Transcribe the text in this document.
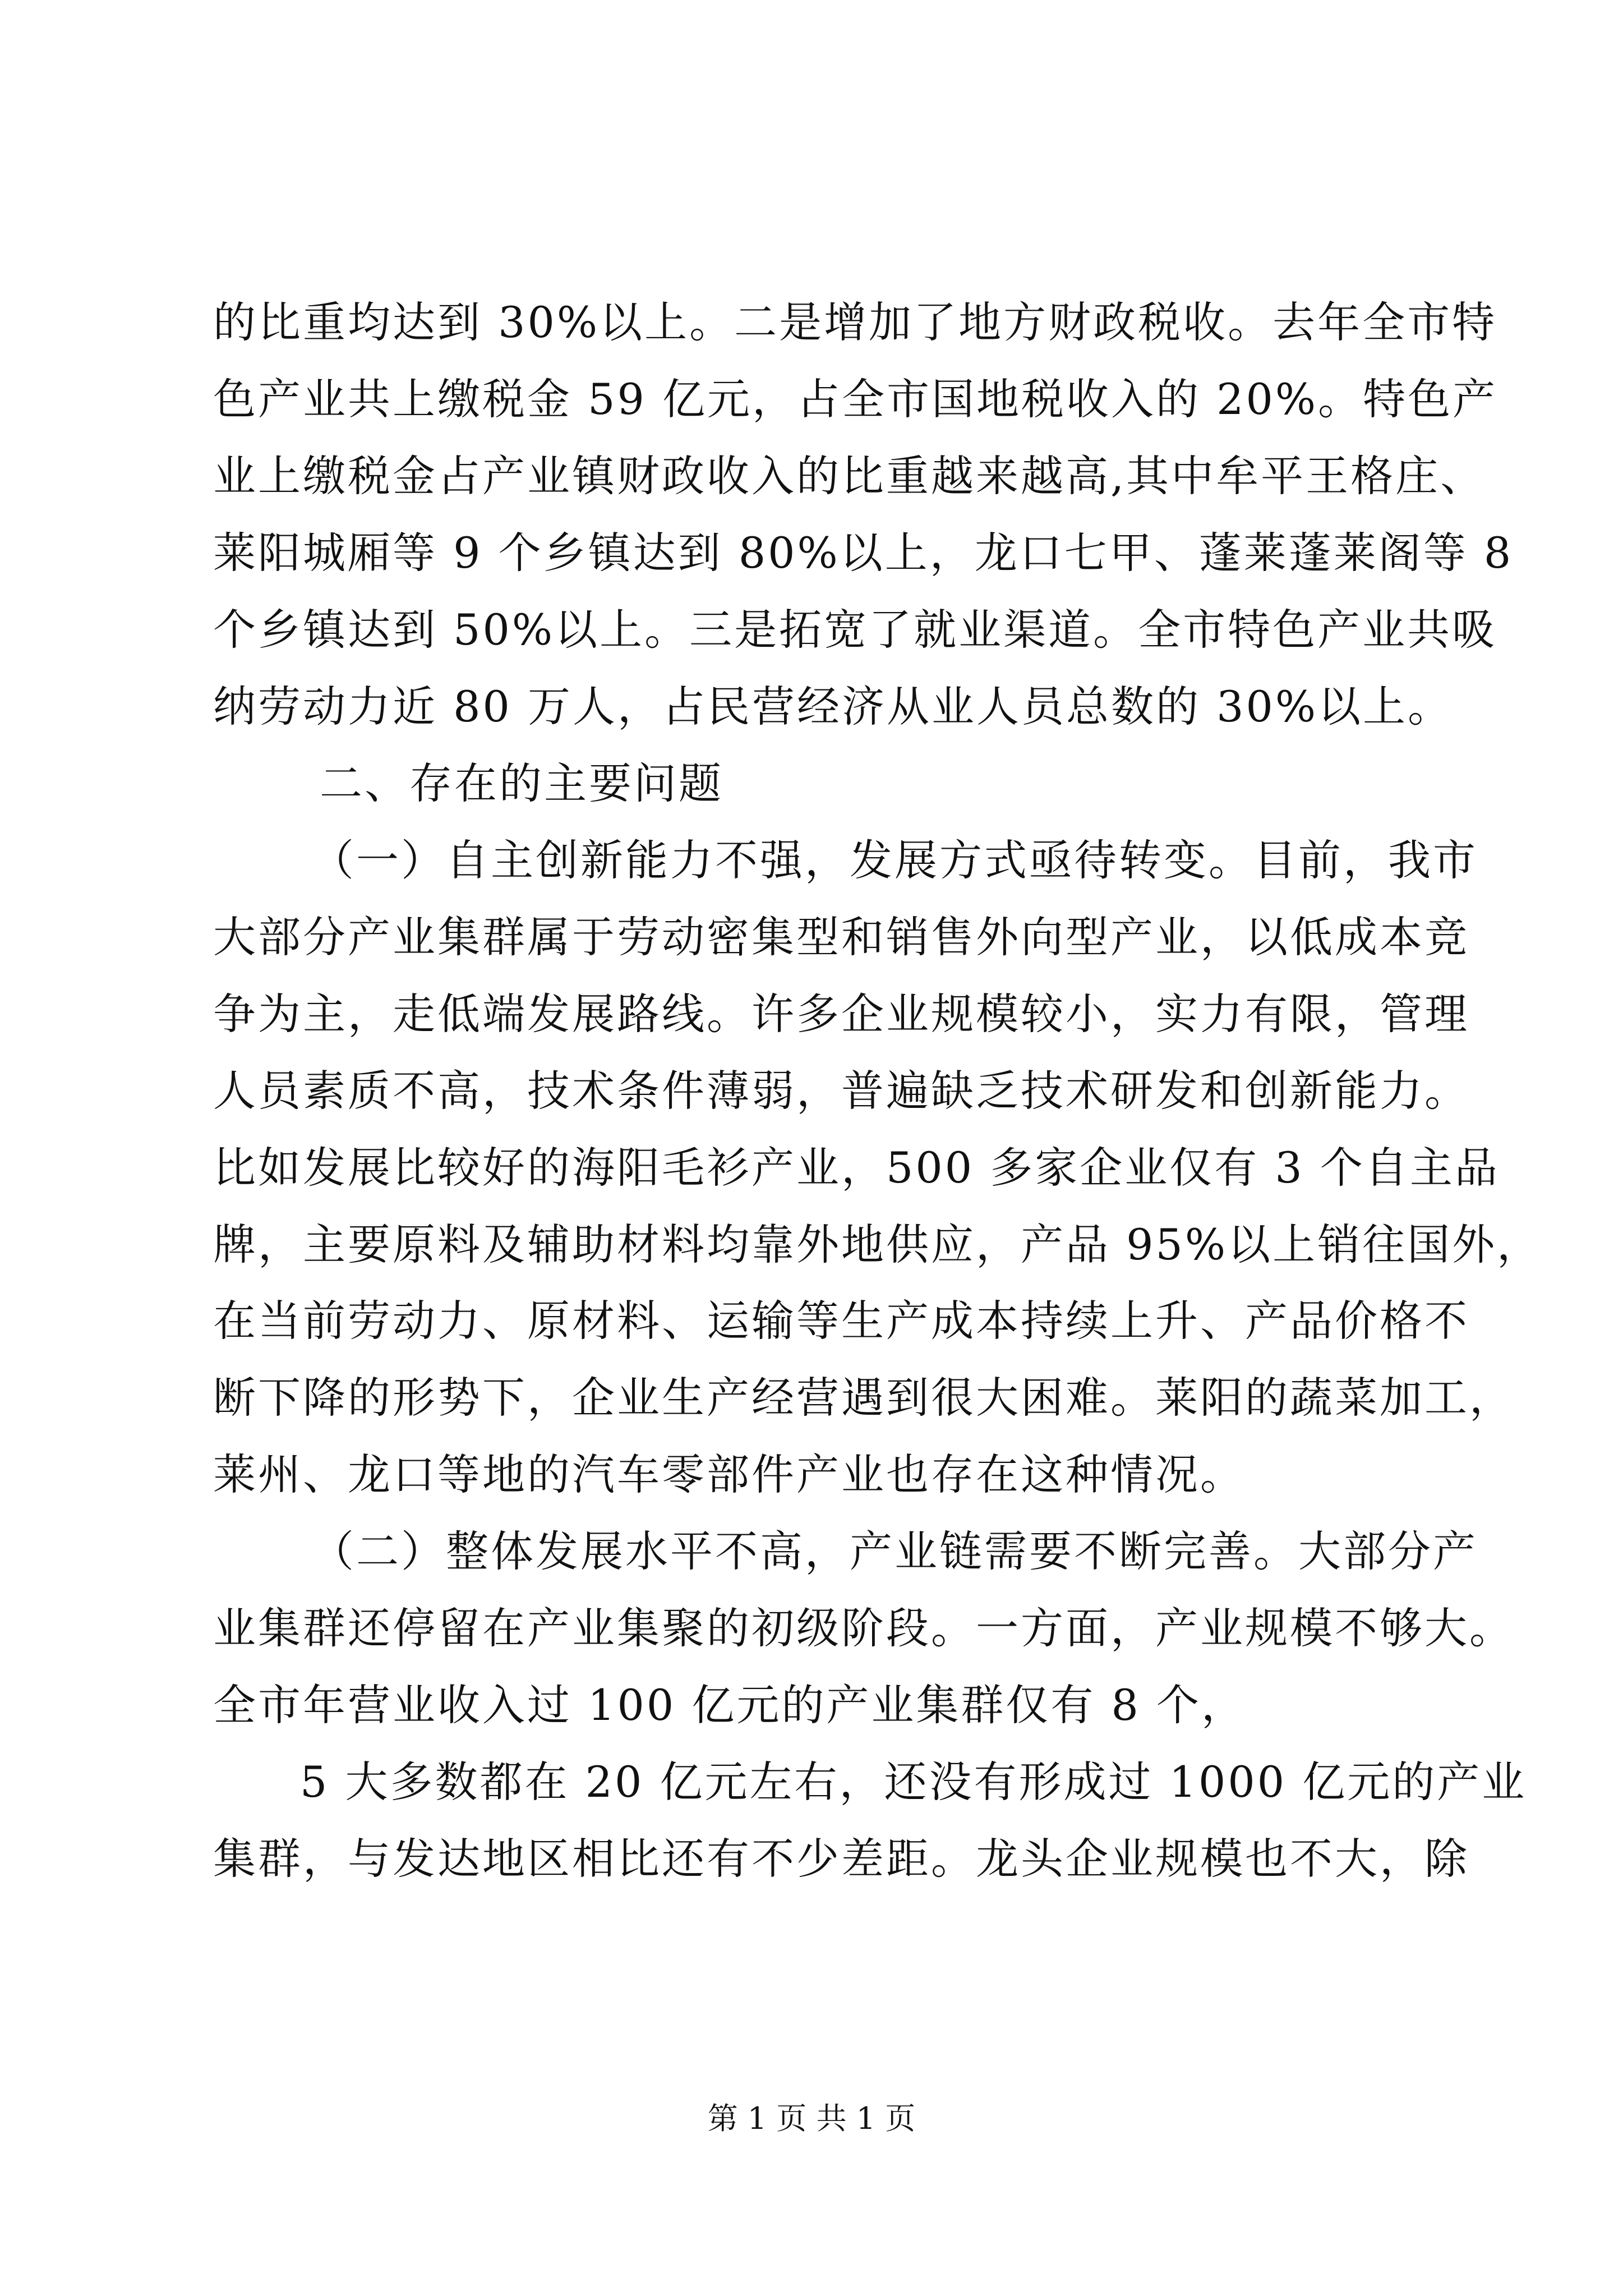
的比重均达到 30%以上。二是增加了地方财政税收。去年全市特
色产业共上缴税金 59 亿元，占全市国地税收入的 20%。特色产
业上缴税金占产业镇财政收入的比重越来越高,其中牟平王格庄、
莱阳城厢等 9 个乡镇达到 80%以上，龙口七甲、蓬莱蓬莱阁等 8
个乡镇达到 50%以上。三是拓宽了就业渠道。全市特色产业共吸
纳劳动力近 80 万人，占民营经济从业人员总数的 30%以上。
二、存在的主要问题
（一）自主创新能力不强，发展方式亟待转变。目前，我市
大部分产业集群属于劳动密集型和销售外向型产业，以低成本竞
争为主，走低端发展路线。许多企业规模较小，实力有限，管理
人员素质不高，技术条件薄弱，普遍缺乏技术研发和创新能力。
比如发展比较好的海阳毛衫产业，500 多家企业仅有 3 个自主品
牌，主要原料及辅助材料均靠外地供应，产品 95%以上销往国外，
在当前劳动力、原材料、运输等生产成本持续上升、产品价格不
断下降的形势下，企业生产经营遇到很大困难。莱阳的蔬菜加工，
莱州、龙口等地的汽车零部件产业也存在这种情况。
（二）整体发展水平不高，产业链需要不断完善。大部分产
业集群还停留在产业集聚的初级阶段。一方面，产业规模不够大。
全市年营业收入过 100 亿元的产业集群仅有 8 个，
5 大多数都在 20 亿元左右，还没有形成过 1000 亿元的产业
集群，与发达地区相比还有不少差距。龙头企业规模也不大，除
第 1 页 共 1 页
